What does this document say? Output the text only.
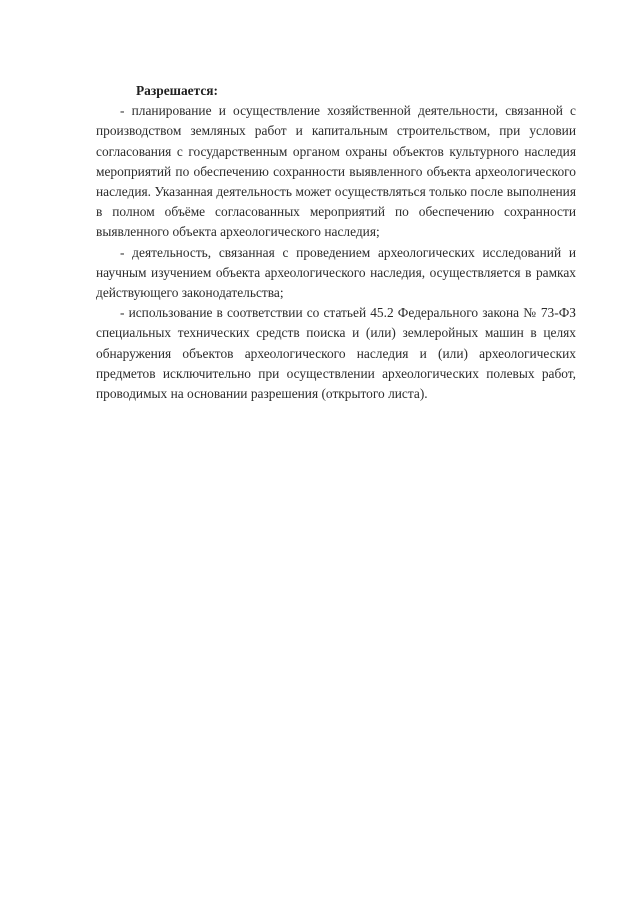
Разрешается:

- планирование и осуществление хозяйственной деятельности, связанной с производством земляных работ и капитальным строительством, при условии согласования с государственным органом охраны объектов культурного наследия мероприятий по обеспечению сохранности выявленного объекта археологического наследия. Указанная деятельность может осуществляться только после выполнения в полном объёме согласованных мероприятий по обеспечению сохранности выявленного объекта археологического наследия;

- деятельность, связанная с проведением археологических исследований и научным изучением объекта археологического наследия, осуществляется в рамках действующего законодательства;

- использование в соответствии со статьей 45.2 Федерального закона № 73-ФЗ специальных технических средств поиска и (или) землеройных машин в целях обнаружения объектов археологического наследия и (или) археологических предметов исключительно при осуществлении археологических полевых работ, проводимых на основании разрешения (открытого листа).
